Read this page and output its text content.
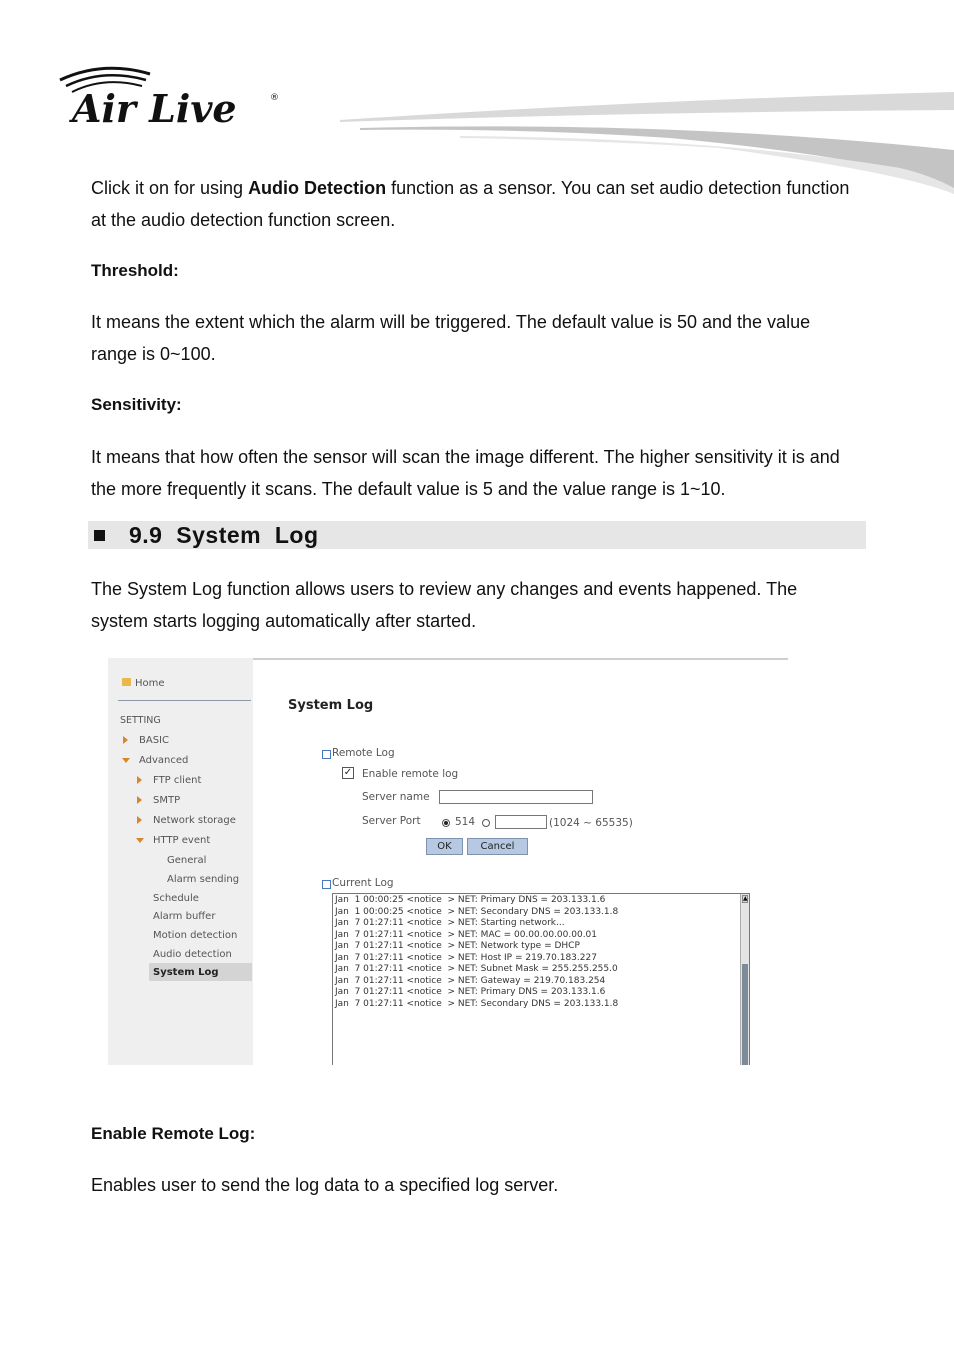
Air Live	®

Click it on for using Audio Detection function as a sensor. You can set audio detection function at the audio detection function screen.

Threshold:

It means the extent which the alarm will be triggered. The default value is 50 and the value range is 0~100.

Sensitivity:

It means that how often the sensor will scan the image different. The higher sensitivity it is and the more frequently it scans. The default value is 5 and the value range is 1~10.

9.9 System  Log

The System Log function allows users to review any changes and events happened. The system starts logging automatically after started.

Home
SETTING
BASIC
Advanced
FTP client
SMTP
Network storage
HTTP event
General
Alarm sending
Schedule
Alarm buffer
Motion detection
Audio detection
System Log
System Log
Remote Log
✓ Enable remote log
Server name
Server Port	514	(1024 ~ 65535)
OK	Cancel
Current Log
Jan  1 00:00:25 <notice  > NET: Primary DNS = 203.133.1.6
Jan  1 00:00:25 <notice  > NET: Secondary DNS = 203.133.1.8
Jan  7 01:27:11 <notice  > NET: Starting network...
Jan  7 01:27:11 <notice  > NET: MAC = 00.00.00.00.00.01
Jan  7 01:27:11 <notice  > NET: Network type = DHCP
Jan  7 01:27:11 <notice  > NET: Host IP = 219.70.183.227
Jan  7 01:27:11 <notice  > NET: Subnet Mask = 255.255.255.0
Jan  7 01:27:11 <notice  > NET: Gateway = 219.70.183.254
Jan  7 01:27:11 <notice  > NET: Primary DNS = 203.133.1.6
Jan  7 01:27:11 <notice  > NET: Secondary DNS = 203.133.1.8
▲

Enable Remote Log:

Enables user to send the log data to a specified log server.
